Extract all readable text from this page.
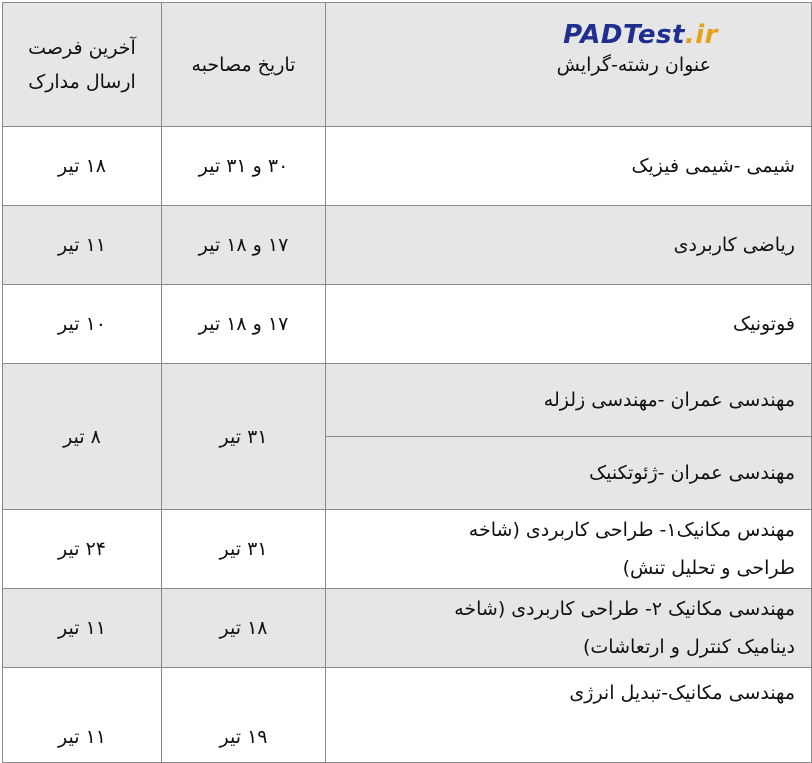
PADTest.ir
عنوان رشته-گرایش	تاریخ مصاحبه	آخرین فرصت
ارسال مدارک

شیمی -شیمی فیزیک	۳۰ و ۳۱ تیر	۱۸ تیر
ریاضی کاربردی	۱۷ و ۱۸ تیر	۱۱ تیر
فوتونیک	۱۷ و ۱۸ تیر	۱۰ تیر
مهندسی عمران -مهندسی زلزله	۳۱ تیر	۸ تیر
مهندسی عمران -ژئوتکنیک		

مهندس مکانیک۱- طراحی کاربردی (شاخه
طراحی و تحلیل تنش)	۳۱ تیر	۲۴ تیر

مهندسی مکانیک ۲- طراحی کاربردی (شاخه
دینامیک کنترل و ارتعاشات)	۱۸ تیر	۱۱ تیر
مهندسی مکانیک-تبدیل انرژی	۱۹ تیر	۱۱ تیر
